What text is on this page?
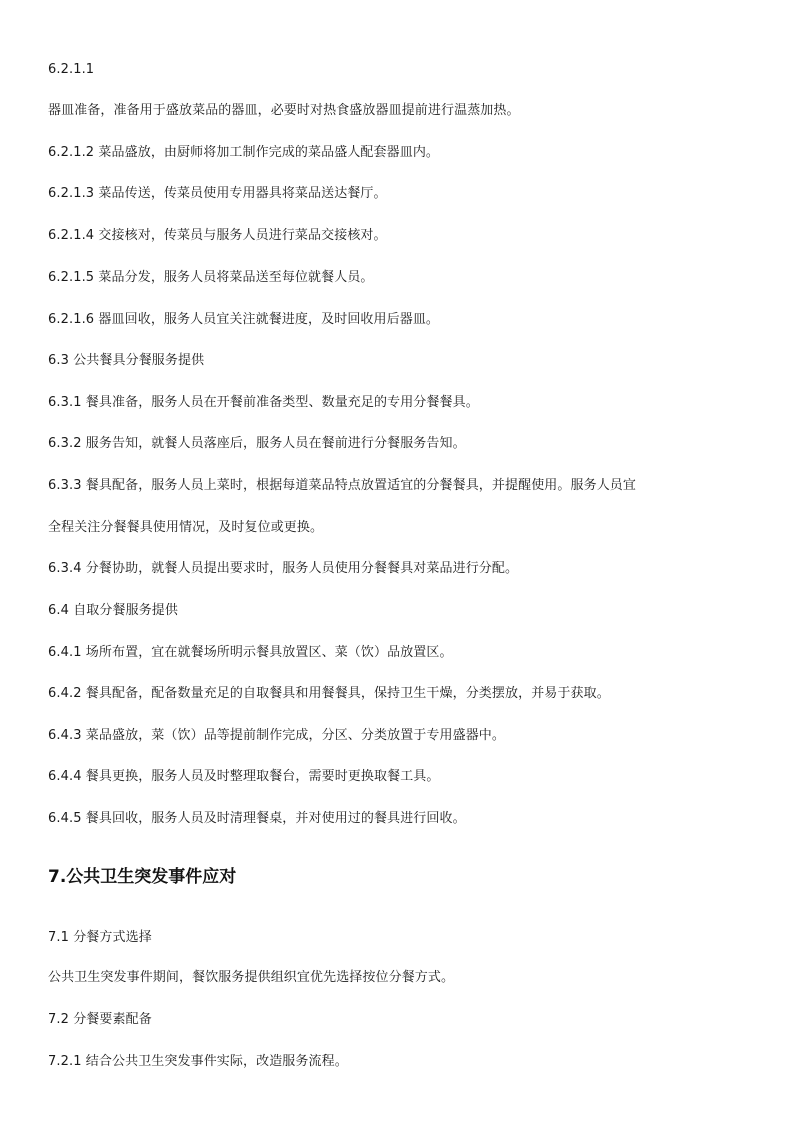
6.2.1.1
器皿准备，准备用于盛放菜品的器皿，必要时对热食盛放器皿提前进行温蒸加热。
6.2.1.2 菜品盛放，由厨师将加工制作完成的菜品盛人配套器皿内。
6.2.1.3 菜品传送，传菜员使用专用器具将菜品送达餐厅。
6.2.1.4 交接核对，传菜员与服务人员进行菜品交接核对。
6.2.1.5 菜品分发，服务人员将菜品送至每位就餐人员。
6.2.1.6 器皿回收，服务人员宜关注就餐进度，及时回收用后器皿。
6.3 公共餐具分餐服务提供
6.3.1 餐具准备，服务人员在开餐前准备类型、数量充足的专用分餐餐具。
6.3.2 服务告知，就餐人员落座后，服务人员在餐前进行分餐服务告知。
6.3.3 餐具配备，服务人员上菜时，根据每道菜品特点放置适宜的分餐餐具，并提醒使用。服务人员宜
全程关注分餐餐具使用情况，及时复位或更换。
6.3.4 分餐协助，就餐人员提出要求时，服务人员使用分餐餐具对菜品进行分配。
6.4 自取分餐服务提供
6.4.1 场所布置，宜在就餐场所明示餐具放置区、菜（饮）品放置区。
6.4.2 餐具配备，配备数量充足的自取餐具和用餐餐具，保持卫生干燥，分类摆放，并易于获取。
6.4.3 菜品盛放，菜（饮）品等提前制作完成，分区、分类放置于专用盛器中。
6.4.4 餐具更换，服务人员及时整理取餐台，需要时更换取餐工具。
6.4.5 餐具回收，服务人员及时清理餐桌，并对使用过的餐具进行回收。
7.公共卫生突发事件应对
7.1 分餐方式选择
公共卫生突发事件期间，餐饮服务提供组织宜优先选择按位分餐方式。
7.2 分餐要素配备
7.2.1 结合公共卫生突发事件实际，改造服务流程。
